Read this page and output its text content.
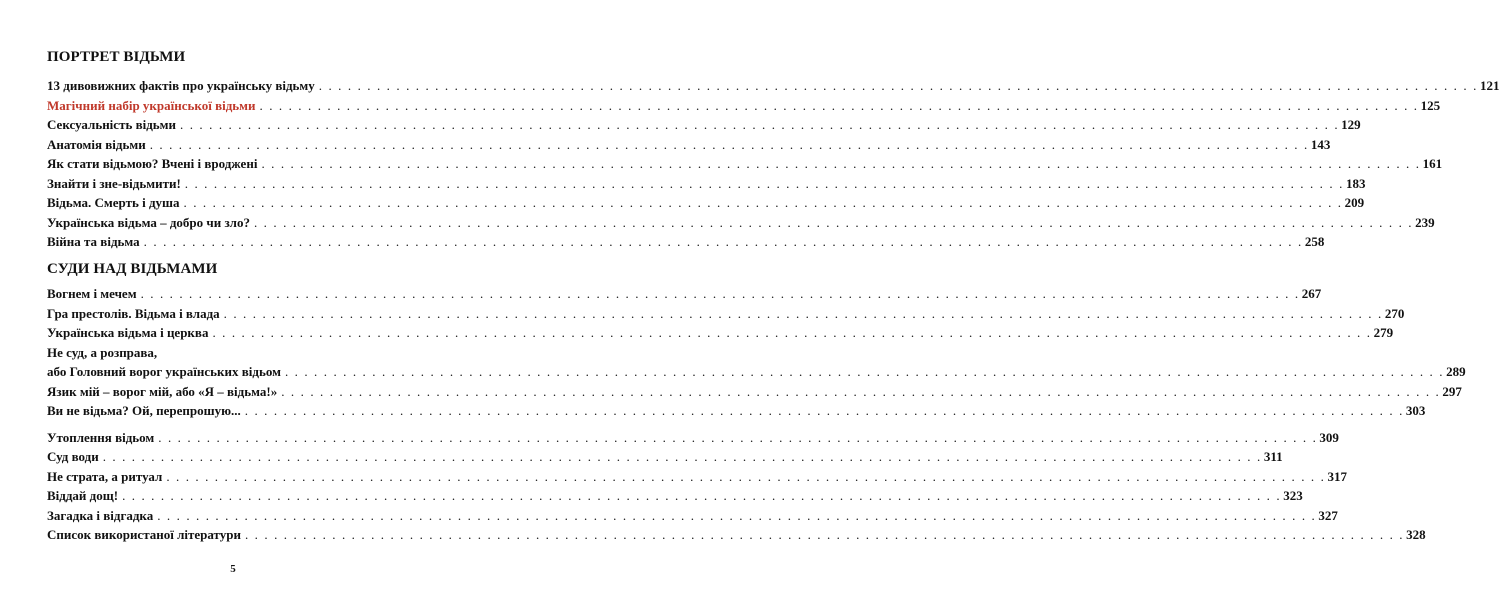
ПОРТРЕТ ВІДЬМИ
13 дивовижних фактів про українську відьму . . . . . . . . . . . . . . . . . . . . . . . . . . . . . . . . . . . . . . . . . . . . . . . . . . . . . . . . . . . . . . . . . . . . . . . . . . . . . . . . . . . . . . . . . . . . . . . . . . . . . . . . . . . . . . . . . . . . . . . . 121
Магічний набір української відьми . . . . . . . . . . . . . . . . . . . . . . . . . . . . . . . . . . . . . . . . . . . . . . . . . . . . . . . . . . . . . . . . . . . . . . . . . . . . . . . . . . . . . . . . . . . . . . . . . . . . . . . . . . . . . . . . . . . . . . . . 125
Сексуальність відьми . . . . . . . . . . . . . . . . . . . . . . . . . . . . . . . . . . . . . . . . . . . . . . . . . . . . . . . . . . . . . . . . . . . . . . . . . . . . . . . . . . . . . . . . . . . . . . . . . . . . . . . . . . . . . . . . . . . . . . . . 129
Анатомія відьми . . . . . . . . . . . . . . . . . . . . . . . . . . . . . . . . . . . . . . . . . . . . . . . . . . . . . . . . . . . . . . . . . . . . . . . . . . . . . . . . . . . . . . . . . . . . . . . . . . . . . . . . . . . . . . . . . . . . . . . . 143
Як стати відьмою? Вчені і вроджені . . . . . . . . . . . . . . . . . . . . . . . . . . . . . . . . . . . . . . . . . . . . . . . . . . . . . . . . . . . . . . . . . . . . . . . . . . . . . . . . . . . . . . . . . . . . . . . . . . . . . . . . . . . . . . . . . . . . . . . . 161
Знайти і зне-відьмити! . . . . . . . . . . . . . . . . . . . . . . . . . . . . . . . . . . . . . . . . . . . . . . . . . . . . . . . . . . . . . . . . . . . . . . . . . . . . . . . . . . . . . . . . . . . . . . . . . . . . . . . . . . . . . . . . . . . . . . . . 183
Відьма. Смерть і душа . . . . . . . . . . . . . . . . . . . . . . . . . . . . . . . . . . . . . . . . . . . . . . . . . . . . . . . . . . . . . . . . . . . . . . . . . . . . . . . . . . . . . . . . . . . . . . . . . . . . . . . . . . . . . . . . . . . . . . . . 209
Українська відьма – добро чи зло? . . . . . . . . . . . . . . . . . . . . . . . . . . . . . . . . . . . . . . . . . . . . . . . . . . . . . . . . . . . . . . . . . . . . . . . . . . . . . . . . . . . . . . . . . . . . . . . . . . . . . . . . . . . . . . . . . . . . . . . . 239
Війна та відьма . . . . . . . . . . . . . . . . . . . . . . . . . . . . . . . . . . . . . . . . . . . . . . . . . . . . . . . . . . . . . . . . . . . . . . . . . . . . . . . . . . . . . . . . . . . . . . . . . . . . . . . . . . . . . . . . . . . . . . . . 258
СУДИ НАД ВІДЬМАМИ
Вогнем і мечем . . . . . . . . . . . . . . . . . . . . . . . . . . . . . . . . . . . . . . . . . . . . . . . . . . . . . . . . . . . . . . . . . . . . . . . . . . . . . . . . . . . . . . . . . . . . . . . . . . . . . . . . . . . . . . . . . . . . . . . . 267
Гра престолів. Відьма і влада . . . . . . . . . . . . . . . . . . . . . . . . . . . . . . . . . . . . . . . . . . . . . . . . . . . . . . . . . . . . . . . . . . . . . . . . . . . . . . . . . . . . . . . . . . . . . . . . . . . . . . . . . . . . . . . . . . . . . . . . 270
Українська відьма і церква . . . . . . . . . . . . . . . . . . . . . . . . . . . . . . . . . . . . . . . . . . . . . . . . . . . . . . . . . . . . . . . . . . . . . . . . . . . . . . . . . . . . . . . . . . . . . . . . . . . . . . . . . . . . . . . . . . . . . . . . 279
Не суд, а розправа,
або Головний ворог українських відьом . . . . . . . . . . . . . . . . . . . . . . . . . . . . . . . . . . . . . . . . . . . . . . . . . . . . . . . . . . . . . . . . . . . . . . . . . . . . . . . . . . . . . . . . . . . . . . . . . . . . . . . . . . . . . . . . . . . . . . . . 289
Язик мій – ворог мій, або «Я – відьма!» . . . . . . . . . . . . . . . . . . . . . . . . . . . . . . . . . . . . . . . . . . . . . . . . . . . . . . . . . . . . . . . . . . . . . . . . . . . . . . . . . . . . . . . . . . . . . . . . . . . . . . . . . . . . . . . . . . . . . . . . 297
Ви не відьма? Ой, перепрошую... . . . . . . . . . . . . . . . . . . . . . . . . . . . . . . . . . . . . . . . . . . . . . . . . . . . . . . . . . . . . . . . . . . . . . . . . . . . . . . . . . . . . . . . . . . . . . . . . . . . . . . . . . . . . . . . . . . . . . . . . 303
Утоплення відьом . . . . . . . . . . . . . . . . . . . . . . . . . . . . . . . . . . . . . . . . . . . . . . . . . . . . . . . . . . . . . . . . . . . . . . . . . . . . . . . . . . . . . . . . . . . . . . . . . . . . . . . . . . . . . . . . . . . . . . . . 309
Суд води . . . . . . . . . . . . . . . . . . . . . . . . . . . . . . . . . . . . . . . . . . . . . . . . . . . . . . . . . . . . . . . . . . . . . . . . . . . . . . . . . . . . . . . . . . . . . . . . . . . . . . . . . . . . . . . . . . . . . . . . 311
Не страта, а ритуал . . . . . . . . . . . . . . . . . . . . . . . . . . . . . . . . . . . . . . . . . . . . . . . . . . . . . . . . . . . . . . . . . . . . . . . . . . . . . . . . . . . . . . . . . . . . . . . . . . . . . . . . . . . . . . . . . . . . . . . . 317
Віддай дощ! . . . . . . . . . . . . . . . . . . . . . . . . . . . . . . . . . . . . . . . . . . . . . . . . . . . . . . . . . . . . . . . . . . . . . . . . . . . . . . . . . . . . . . . . . . . . . . . . . . . . . . . . . . . . . . . . . . . . . . . . 323
Загадка і відгадка . . . . . . . . . . . . . . . . . . . . . . . . . . . . . . . . . . . . . . . . . . . . . . . . . . . . . . . . . . . . . . . . . . . . . . . . . . . . . . . . . . . . . . . . . . . . . . . . . . . . . . . . . . . . . . . . . . . . . . . . 327
Список використаної літератури . . . . . . . . . . . . . . . . . . . . . . . . . . . . . . . . . . . . . . . . . . . . . . . . . . . . . . . . . . . . . . . . . . . . . . . . . . . . . . . . . . . . . . . . . . . . . . . . . . . . . . . . . . . . . . . . . . . . . . . . 328
5
